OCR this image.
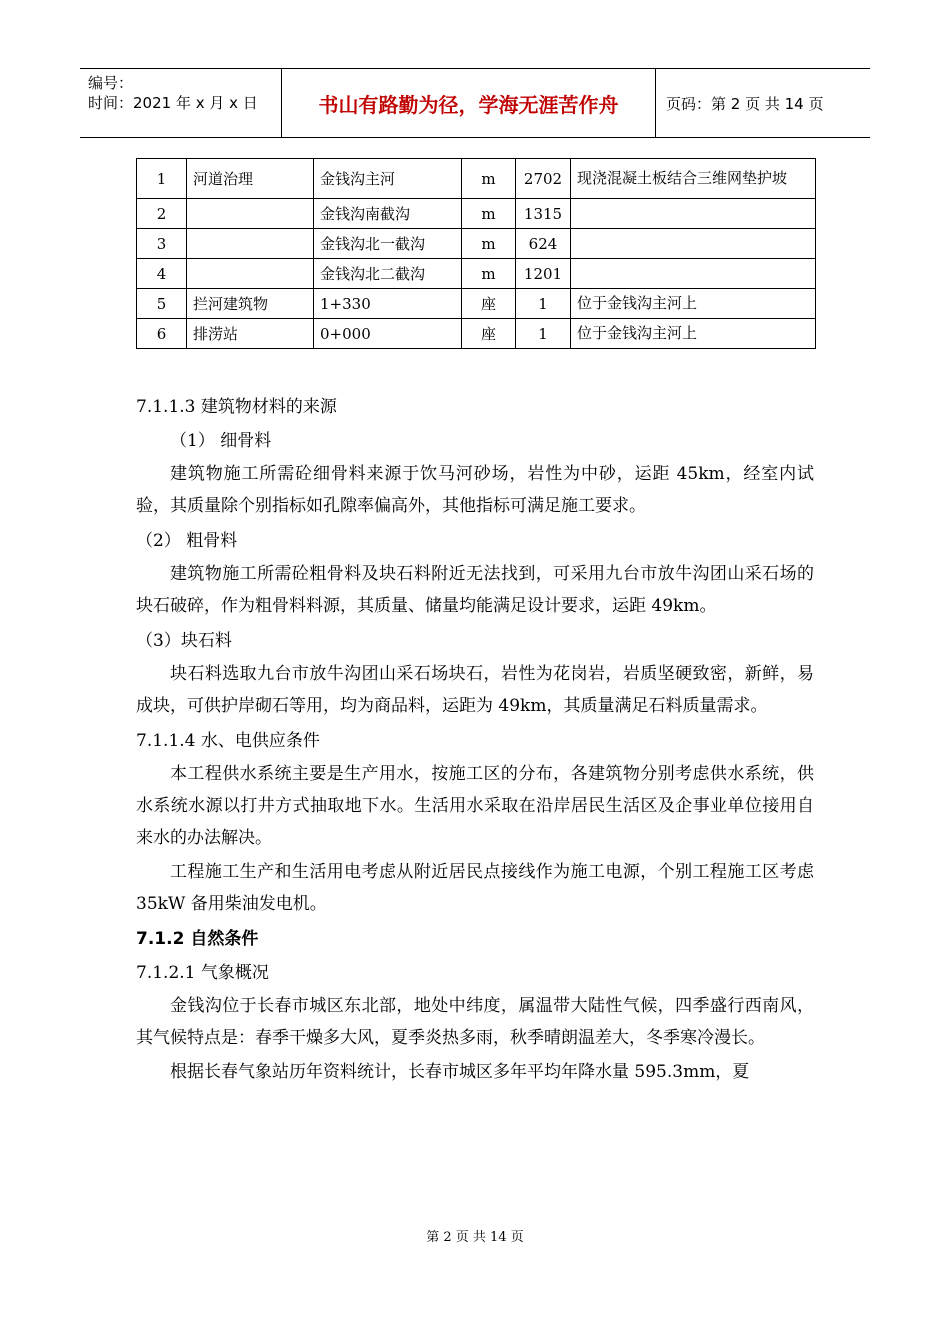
编号：
时间：2021 年 x 月 x 日	书山有路勤为径，学海无涯苦作舟	页码：第 2 页 共 14 页
1	河道治理	金钱沟主河	m	2702	现浇混凝土板结合三维网垫护坡
2		金钱沟南截沟	m	1315	
3		金钱沟北一截沟	m	624	
4		金钱沟北二截沟	m	1201	
5	拦河建筑物	1+330	座	1	位于金钱沟主河上
6	排涝站	0+000	座	1	位于金钱沟主河上

7.1.1.3 建筑物材料的来源

（1） 细骨料

建筑物施工所需砼细骨料来源于饮马河砂场，岩性为中砂，运距 45km，经室内试验，其质量除个别指标如孔隙率偏高外，其他指标可满足施工要求。

（2） 粗骨料

建筑物施工所需砼粗骨料及块石料附近无法找到，可采用九台市放牛沟团山采石场的块石破碎，作为粗骨料料源，其质量、储量均能满足设计要求，运距 49km。

（3）块石料

块石料选取九台市放牛沟团山采石场块石，岩性为花岗岩，岩质坚硬致密，新鲜，易成块，可供护岸砌石等用，均为商品料，运距为 49km，其质量满足石料质量需求。

7.1.1.4 水、电供应条件

本工程供水系统主要是生产用水，按施工区的分布，各建筑物分别考虑供水系统，供水系统水源以打井方式抽取地下水。生活用水采取在沿岸居民生活区及企事业单位接用自来水的办法解决。

工程施工生产和生活用电考虑从附近居民点接线作为施工电源，个别工程施工区考虑 35kW 备用柴油发电机。

7.1.2 自然条件

7.1.2.1 气象概况

金钱沟位于长春市城区东北部，地处中纬度，属温带大陆性气候，四季盛行西南风，其气候特点是：春季干燥多大风，夏季炎热多雨，秋季晴朗温差大，冬季寒冷漫长。

根据长春气象站历年资料统计，长春市城区多年平均年降水量 595.3mm，夏

第 2 页 共 14 页
